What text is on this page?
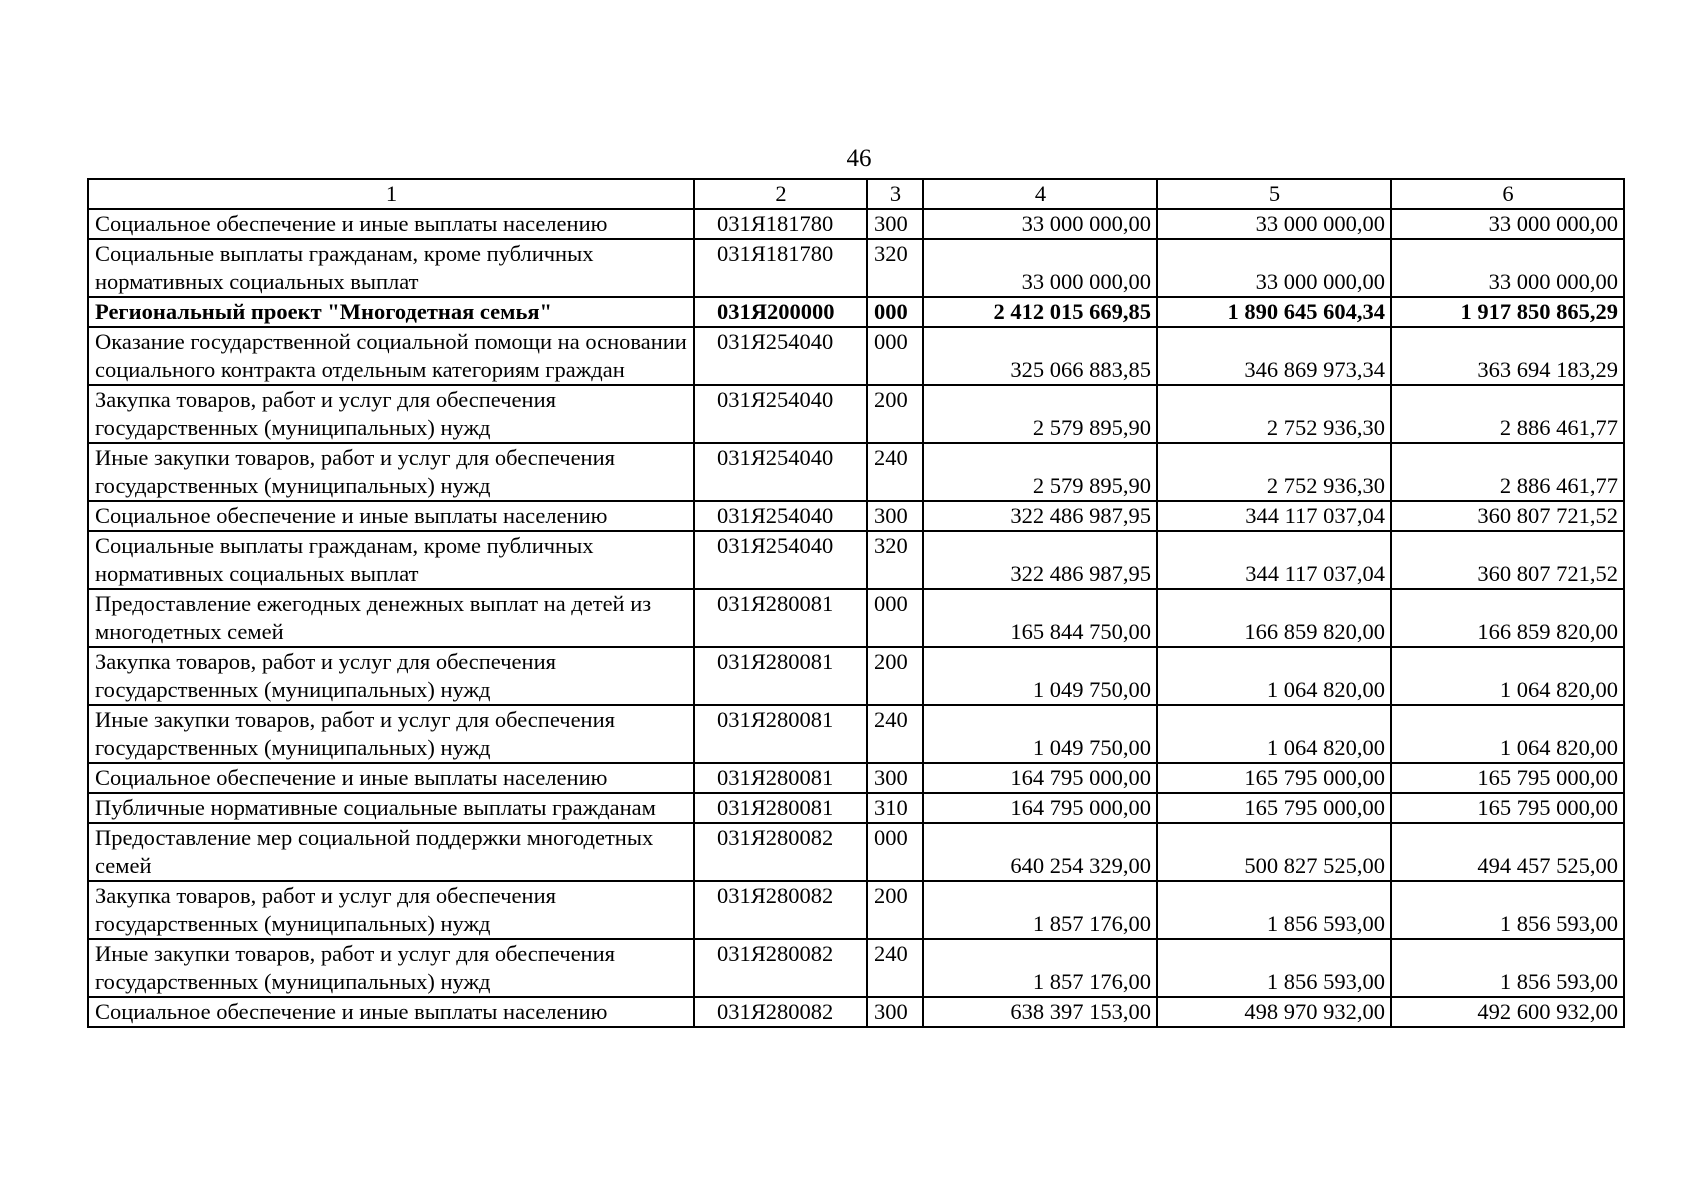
46
1	2	3	4	5	6
Социальное обеспечение и иные выплаты населению	031Я181780	300	33 000 000,00	33 000 000,00	33 000 000,00
Социальные выплаты гражданам, кроме публичных нормативных социальных выплат	031Я181780	320	33 000 000,00	33 000 000,00	33 000 000,00
Региональный проект "Многодетная семья"	031Я200000	000	2 412 015 669,85	1 890 645 604,34	1 917 850 865,29
Оказание государственной социальной помощи на основании социального контракта отдельным категориям граждан	031Я254040	000	325 066 883,85	346 869 973,34	363 694 183,29
Закупка товаров, работ и услуг для обеспечения государственных (муниципальных) нужд	031Я254040	200	2 579 895,90	2 752 936,30	2 886 461,77
Иные закупки товаров, работ и услуг для обеспечения государственных (муниципальных) нужд	031Я254040	240	2 579 895,90	2 752 936,30	2 886 461,77
Социальное обеспечение и иные выплаты населению	031Я254040	300	322 486 987,95	344 117 037,04	360 807 721,52
Социальные выплаты гражданам, кроме публичных нормативных социальных выплат	031Я254040	320	322 486 987,95	344 117 037,04	360 807 721,52
Предоставление ежегодных денежных выплат на детей из многодетных семей	031Я280081	000	165 844 750,00	166 859 820,00	166 859 820,00
Закупка товаров, работ и услуг для обеспечения государственных (муниципальных) нужд	031Я280081	200	1 049 750,00	1 064 820,00	1 064 820,00
Иные закупки товаров, работ и услуг для обеспечения государственных (муниципальных) нужд	031Я280081	240	1 049 750,00	1 064 820,00	1 064 820,00
Социальное обеспечение и иные выплаты населению	031Я280081	300	164 795 000,00	165 795 000,00	165 795 000,00
Публичные нормативные социальные выплаты гражданам	031Я280081	310	164 795 000,00	165 795 000,00	165 795 000,00
Предоставление мер социальной поддержки многодетных семей	031Я280082	000	640 254 329,00	500 827 525,00	494 457 525,00
Закупка товаров, работ и услуг для обеспечения государственных (муниципальных) нужд	031Я280082	200	1 857 176,00	1 856 593,00	1 856 593,00
Иные закупки товаров, работ и услуг для обеспечения государственных (муниципальных) нужд	031Я280082	240	1 857 176,00	1 856 593,00	1 856 593,00
Социальное обеспечение и иные выплаты населению	031Я280082	300	638 397 153,00	498 970 932,00	492 600 932,00
